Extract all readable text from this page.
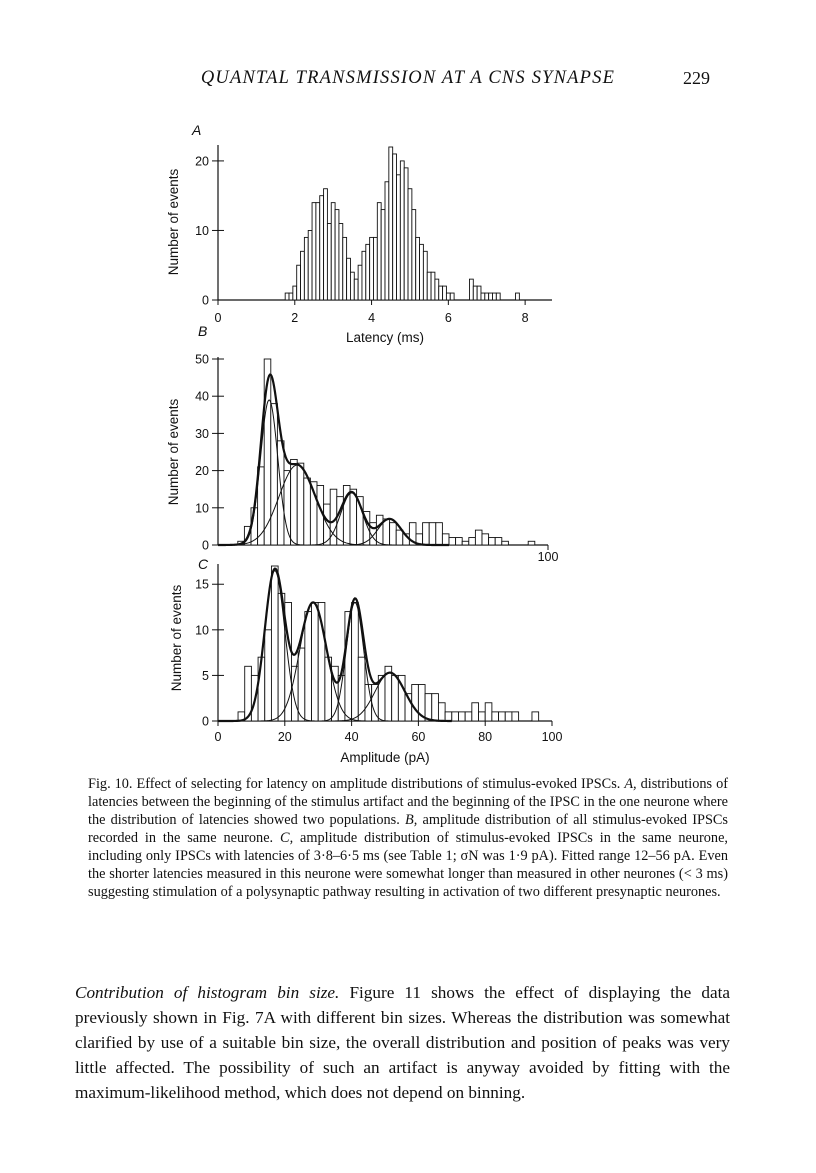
QUANTAL TRANSMISSION AT A CNS SYNAPSE	229
A
0
10
20
0	2	4	6	8
Number of events
Latency (ms)
B
0
10
20
30
40
50
100
Number of events
C
0
5
10
15
0	20	40	60	80	100
Number of events
Amplitude (pA)
Fig. 10. Effect of selecting for latency on amplitude distributions of stimulus-evoked IPSCs. A, distributions of latencies between the beginning of the stimulus artifact and the beginning of the IPSC in the one neurone where the distribution of latencies showed two populations. B, amplitude distribution of all stimulus-evoked IPSCs recorded in the same neurone. C, amplitude distribution of stimulus-evoked IPSCs in the same neurone, including only IPSCs with latencies of 3·8–6·5 ms (see Table 1; σN was 1·9 pA). Fitted range 12–56 pA. Even the shorter latencies measured in this neurone were somewhat longer than measured in other neurones (< 3 ms) suggesting stimulation of a polysynaptic pathway resulting in activation of two different presynaptic neurones.
Contribution of histogram bin size. Figure 11 shows the effect of displaying the data previously shown in Fig. 7A with different bin sizes. Whereas the distribution was somewhat clarified by use of a suitable bin size, the overall distribution and position of peaks was very little affected. The possibility of such an artifact is anyway avoided by fitting with the maximum-likelihood method, which does not depend on binning.
